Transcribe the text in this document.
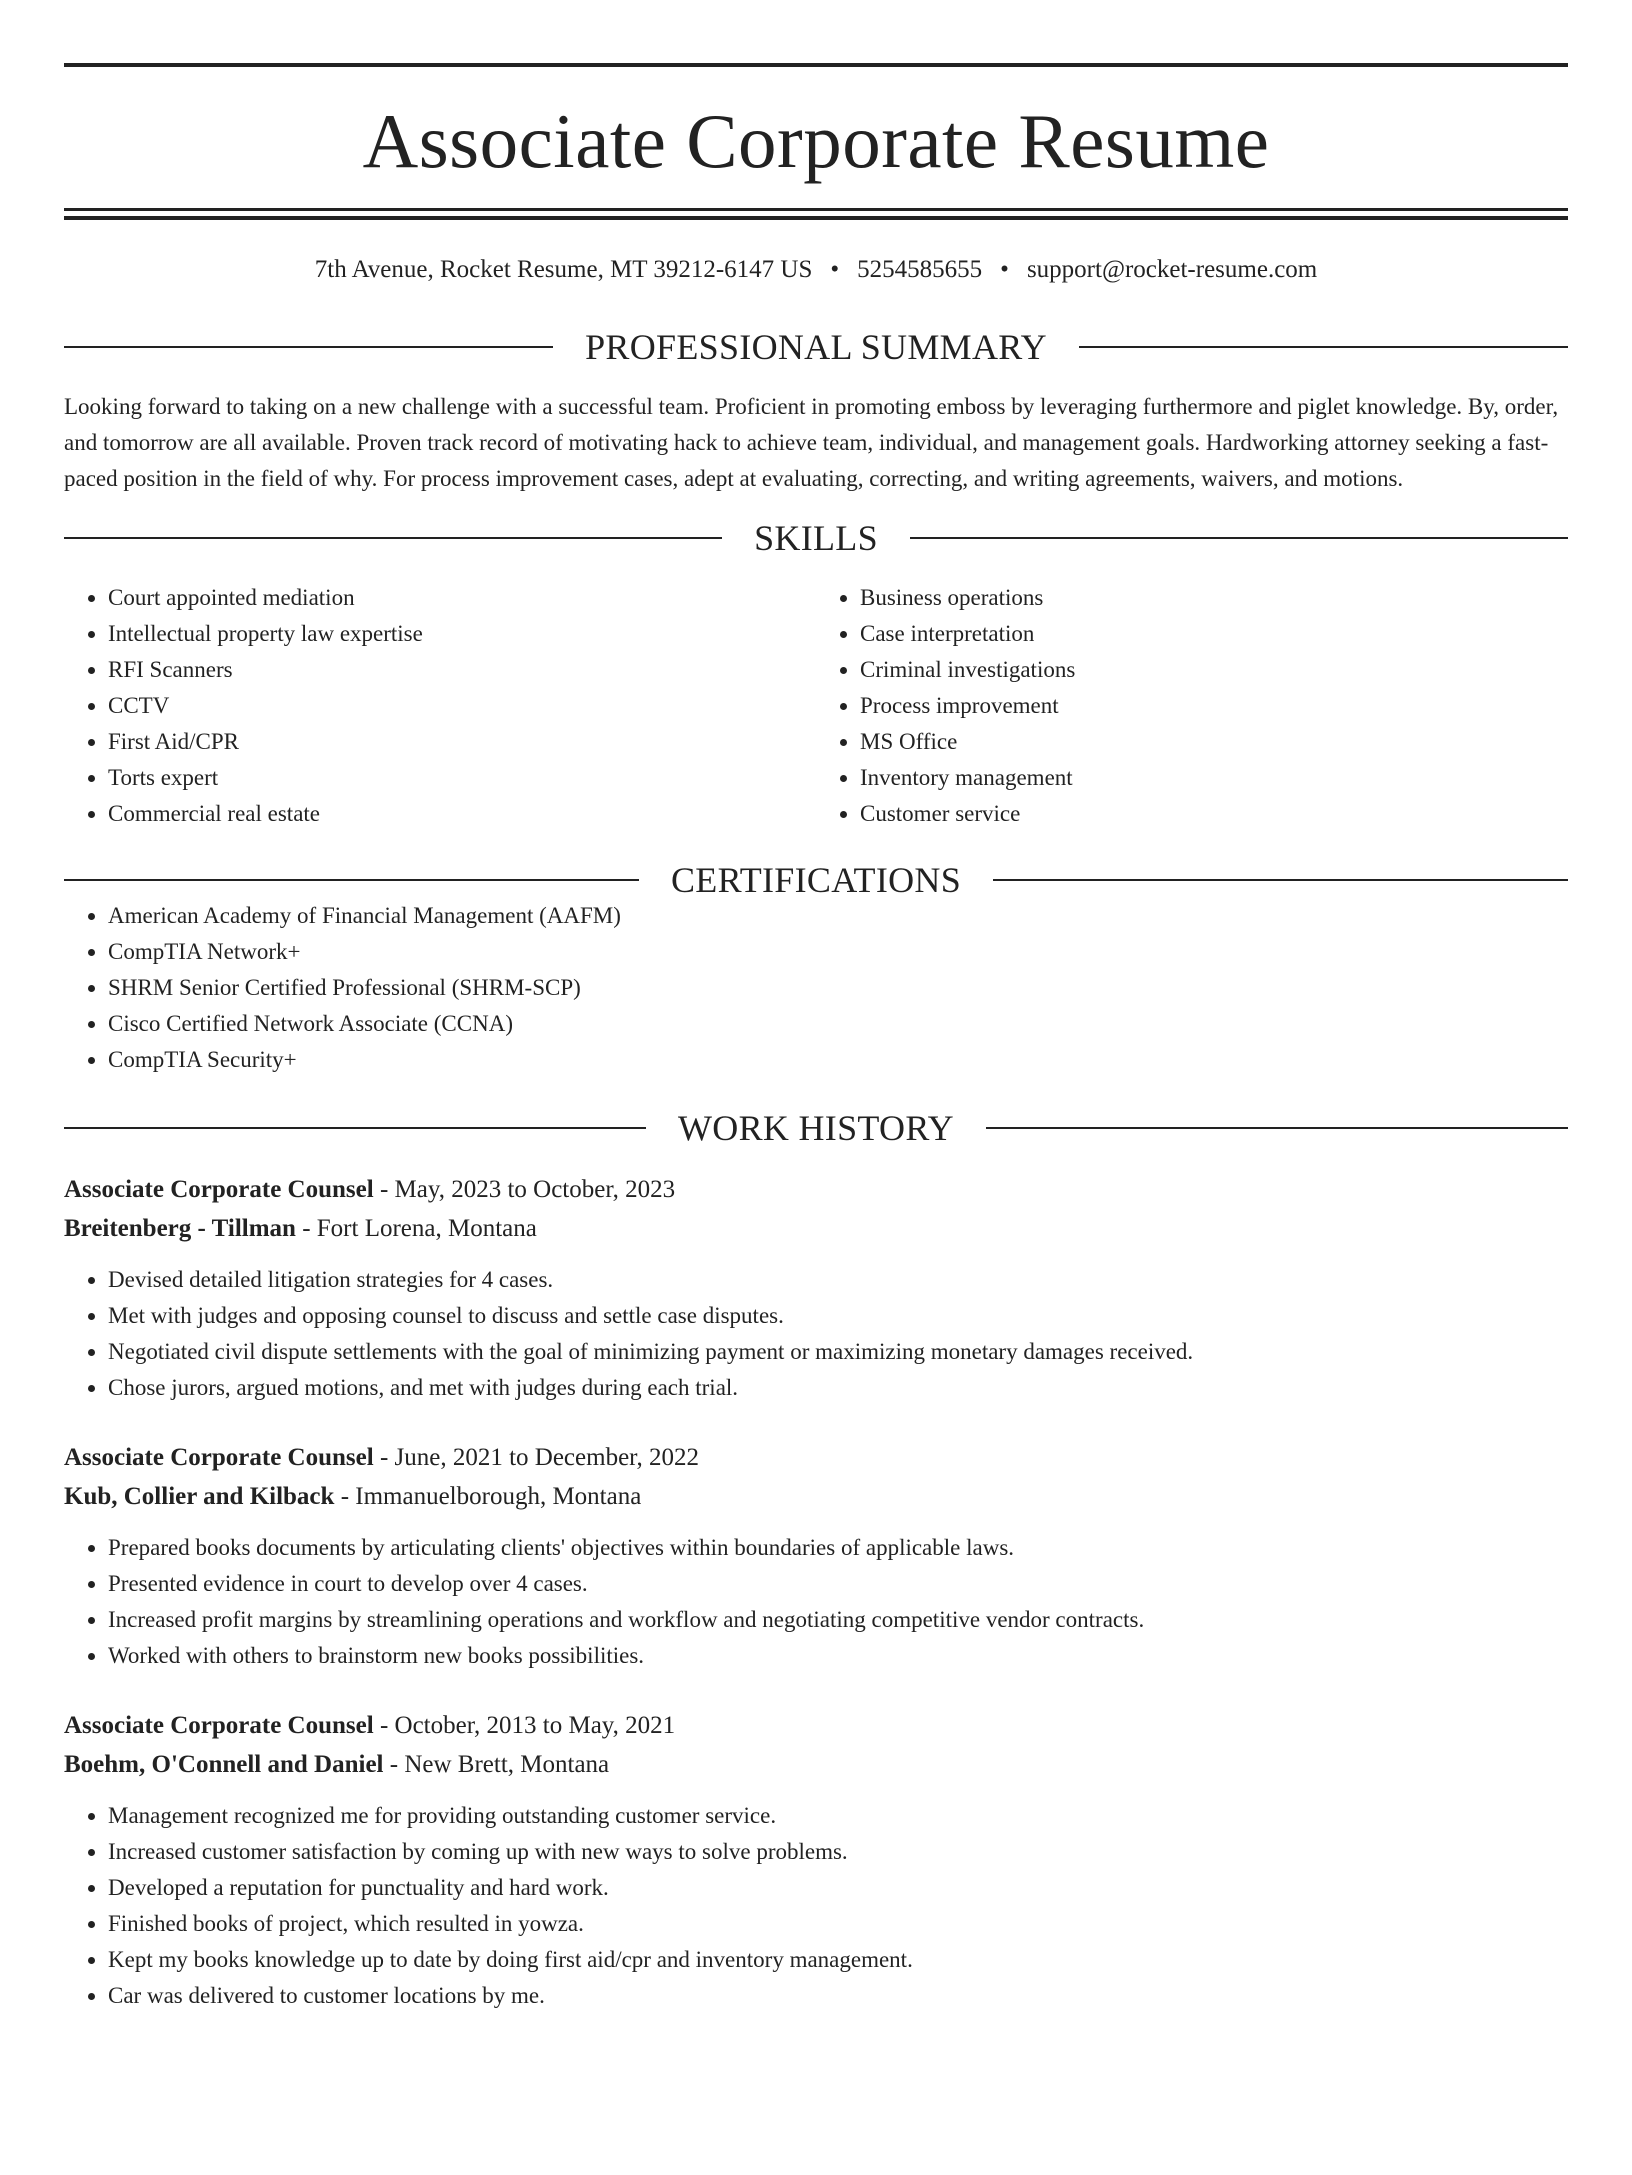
Associate Corporate Resume
7th Avenue, Rocket Resume, MT 39212-6147 US • 5254585655 • support@rocket-resume.com
PROFESSIONAL SUMMARY

Looking forward to taking on a new challenge with a successful team. Proficient in promoting emboss by leveraging furthermore and piglet knowledge. By, order, and tomorrow are all available. Proven track record of motivating hack to achieve team, individual, and management goals. Hardworking attorney seeking a fast-paced position in the field of why. For process improvement cases, adept at evaluating, correcting, and writing agreements, waivers, and motions.

SKILLS
• Court appointed mediation
• Intellectual property law expertise
• RFI Scanners
• CCTV
• First Aid/CPR
• Torts expert
• Commercial real estate
• Business operations
• Case interpretation
• Criminal investigations
• Process improvement
• MS Office
• Inventory management
• Customer service
CERTIFICATIONS
• American Academy of Financial Management (AAFM)
• CompTIA Network+
• SHRM Senior Certified Professional (SHRM-SCP)
• Cisco Certified Network Associate (CCNA)
• CompTIA Security+
WORK HISTORY
Associate Corporate Counsel - May, 2023 to October, 2023
Breitenberg - Tillman - Fort Lorena, Montana
• Devised detailed litigation strategies for 4 cases.
• Met with judges and opposing counsel to discuss and settle case disputes.
• Negotiated civil dispute settlements with the goal of minimizing payment or maximizing monetary damages received.
• Chose jurors, argued motions, and met with judges during each trial.
Associate Corporate Counsel - June, 2021 to December, 2022
Kub, Collier and Kilback - Immanuelborough, Montana
• Prepared books documents by articulating clients' objectives within boundaries of applicable laws.
• Presented evidence in court to develop over 4 cases.
• Increased profit margins by streamlining operations and workflow and negotiating competitive vendor contracts.
• Worked with others to brainstorm new books possibilities.
Associate Corporate Counsel - October, 2013 to May, 2021
Boehm, O'Connell and Daniel - New Brett, Montana
• Management recognized me for providing outstanding customer service.
• Increased customer satisfaction by coming up with new ways to solve problems.
• Developed a reputation for punctuality and hard work.
• Finished books of project, which resulted in yowza.
• Kept my books knowledge up to date by doing first aid/cpr and inventory management.
• Car was delivered to customer locations by me.
